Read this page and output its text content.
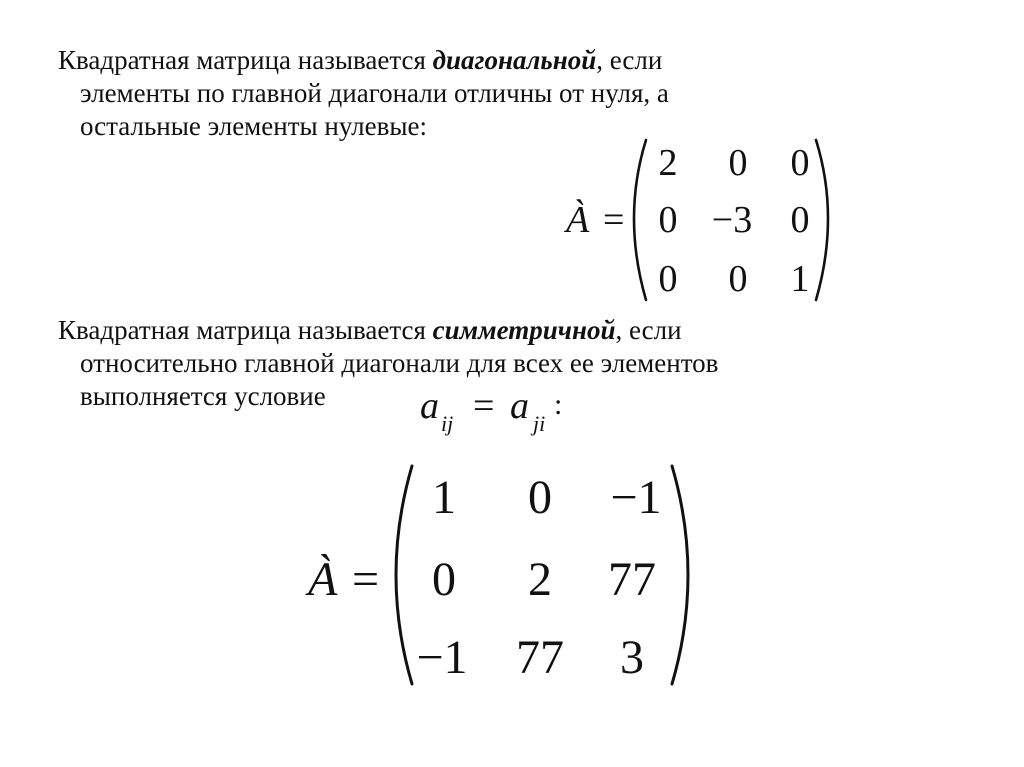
Квадратная матрица называется диагональной, если
элементы по главной диагонали отличны от нуля, а
остальные элементы нулевые:
Квадратная матрица называется симметричной, если
относительно главной диагонали для всех ее элементов
выполняется условие
À =
2 0 0
0 −3 0
0 0 1
a ij = a ji
:
À =
1 0 −1
0 2 77
−1 77 3
